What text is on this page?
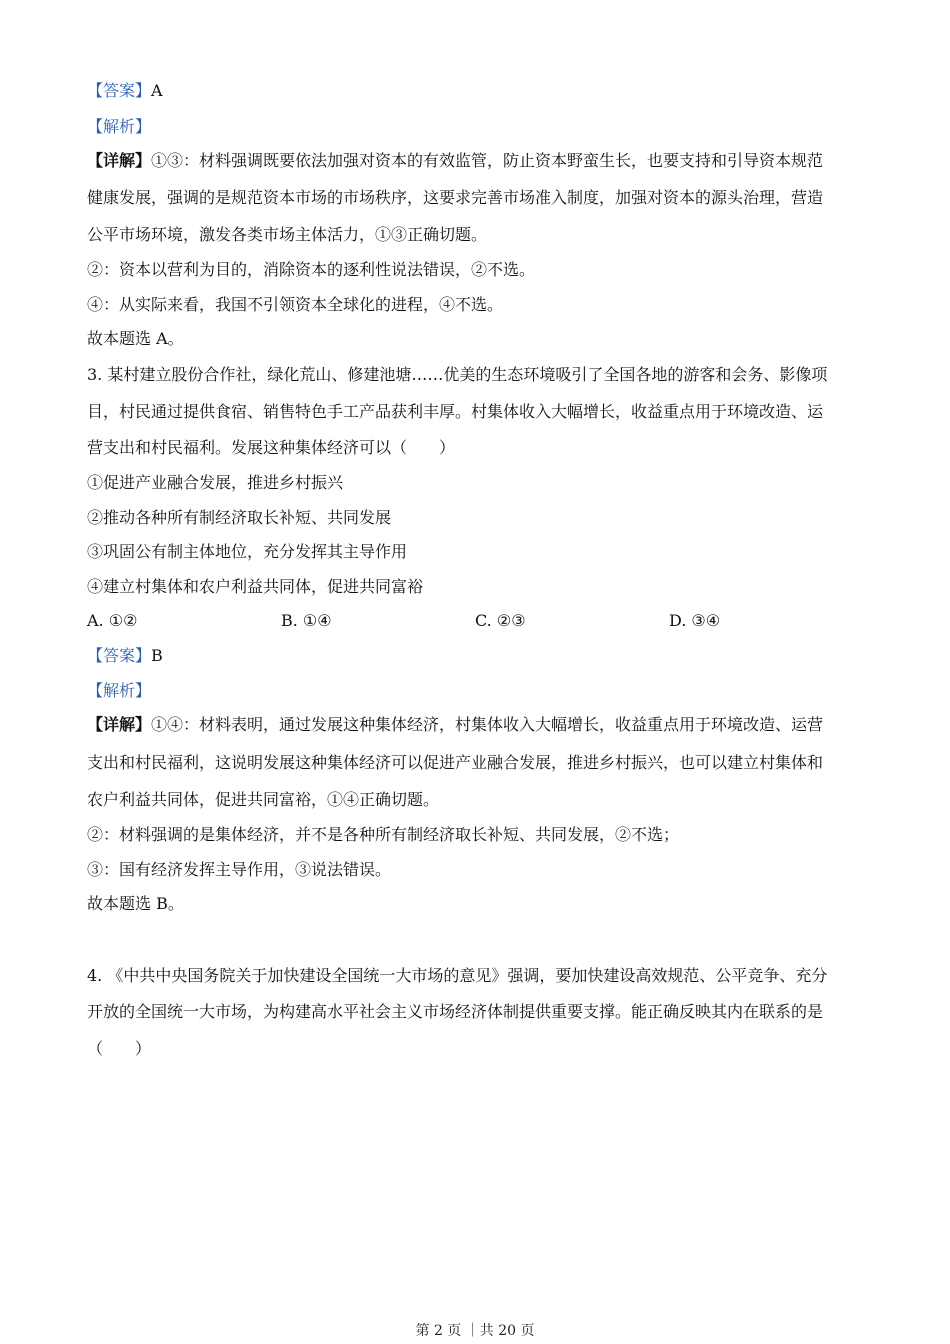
【答案】A
【解析】
【详解】①③：材料强调既要依法加强对资本的有效监管，防止资本野蛮生长，也要支持和引导资本规范
健康发展，强调的是规范资本市场的市场秩序，这要求完善市场准入制度，加强对资本的源头治理，营造
公平市场环境，激发各类市场主体活力，①③正确切题。
②：资本以营利为目的，消除资本的逐利性说法错误，②不选。
④：从实际来看，我国不引领资本全球化的进程，④不选。
故本题选 A。
3. 某村建立股份合作社，绿化荒山、修建池塘……优美的生态环境吸引了全国各地的游客和会务、影像项
目，村民通过提供食宿、销售特色手工产品获利丰厚。村集体收入大幅增长，收益重点用于环境改造、运
营支出和村民福利。发展这种集体经济可以（　　）
①促进产业融合发展，推进乡村振兴
②推动各种所有制经济取长补短、共同发展
③巩固公有制主体地位，充分发挥其主导作用
④建立村集体和农户利益共同体，促进共同富裕
A. ①②	B. ①④	C. ②③	D. ③④
【答案】B
【解析】
【详解】①④：材料表明，通过发展这种集体经济，村集体收入大幅增长，收益重点用于环境改造、运营
支出和村民福利，这说明发展这种集体经济可以促进产业融合发展，推进乡村振兴，也可以建立村集体和
农户利益共同体，促进共同富裕，①④正确切题。
②：材料强调的是集体经济，并不是各种所有制经济取长补短、共同发展，②不选；
③：国有经济发挥主导作用，③说法错误。
故本题选 B。
4. 《中共中央国务院关于加快建设全国统一大市场的意见》强调，要加快建设高效规范、公平竞争、充分
开放的全国统一大市场，为构建高水平社会主义市场经济体制提供重要支撑。能正确反映其内在联系的是
（　　）
第 2 页 ｜共 20 页
